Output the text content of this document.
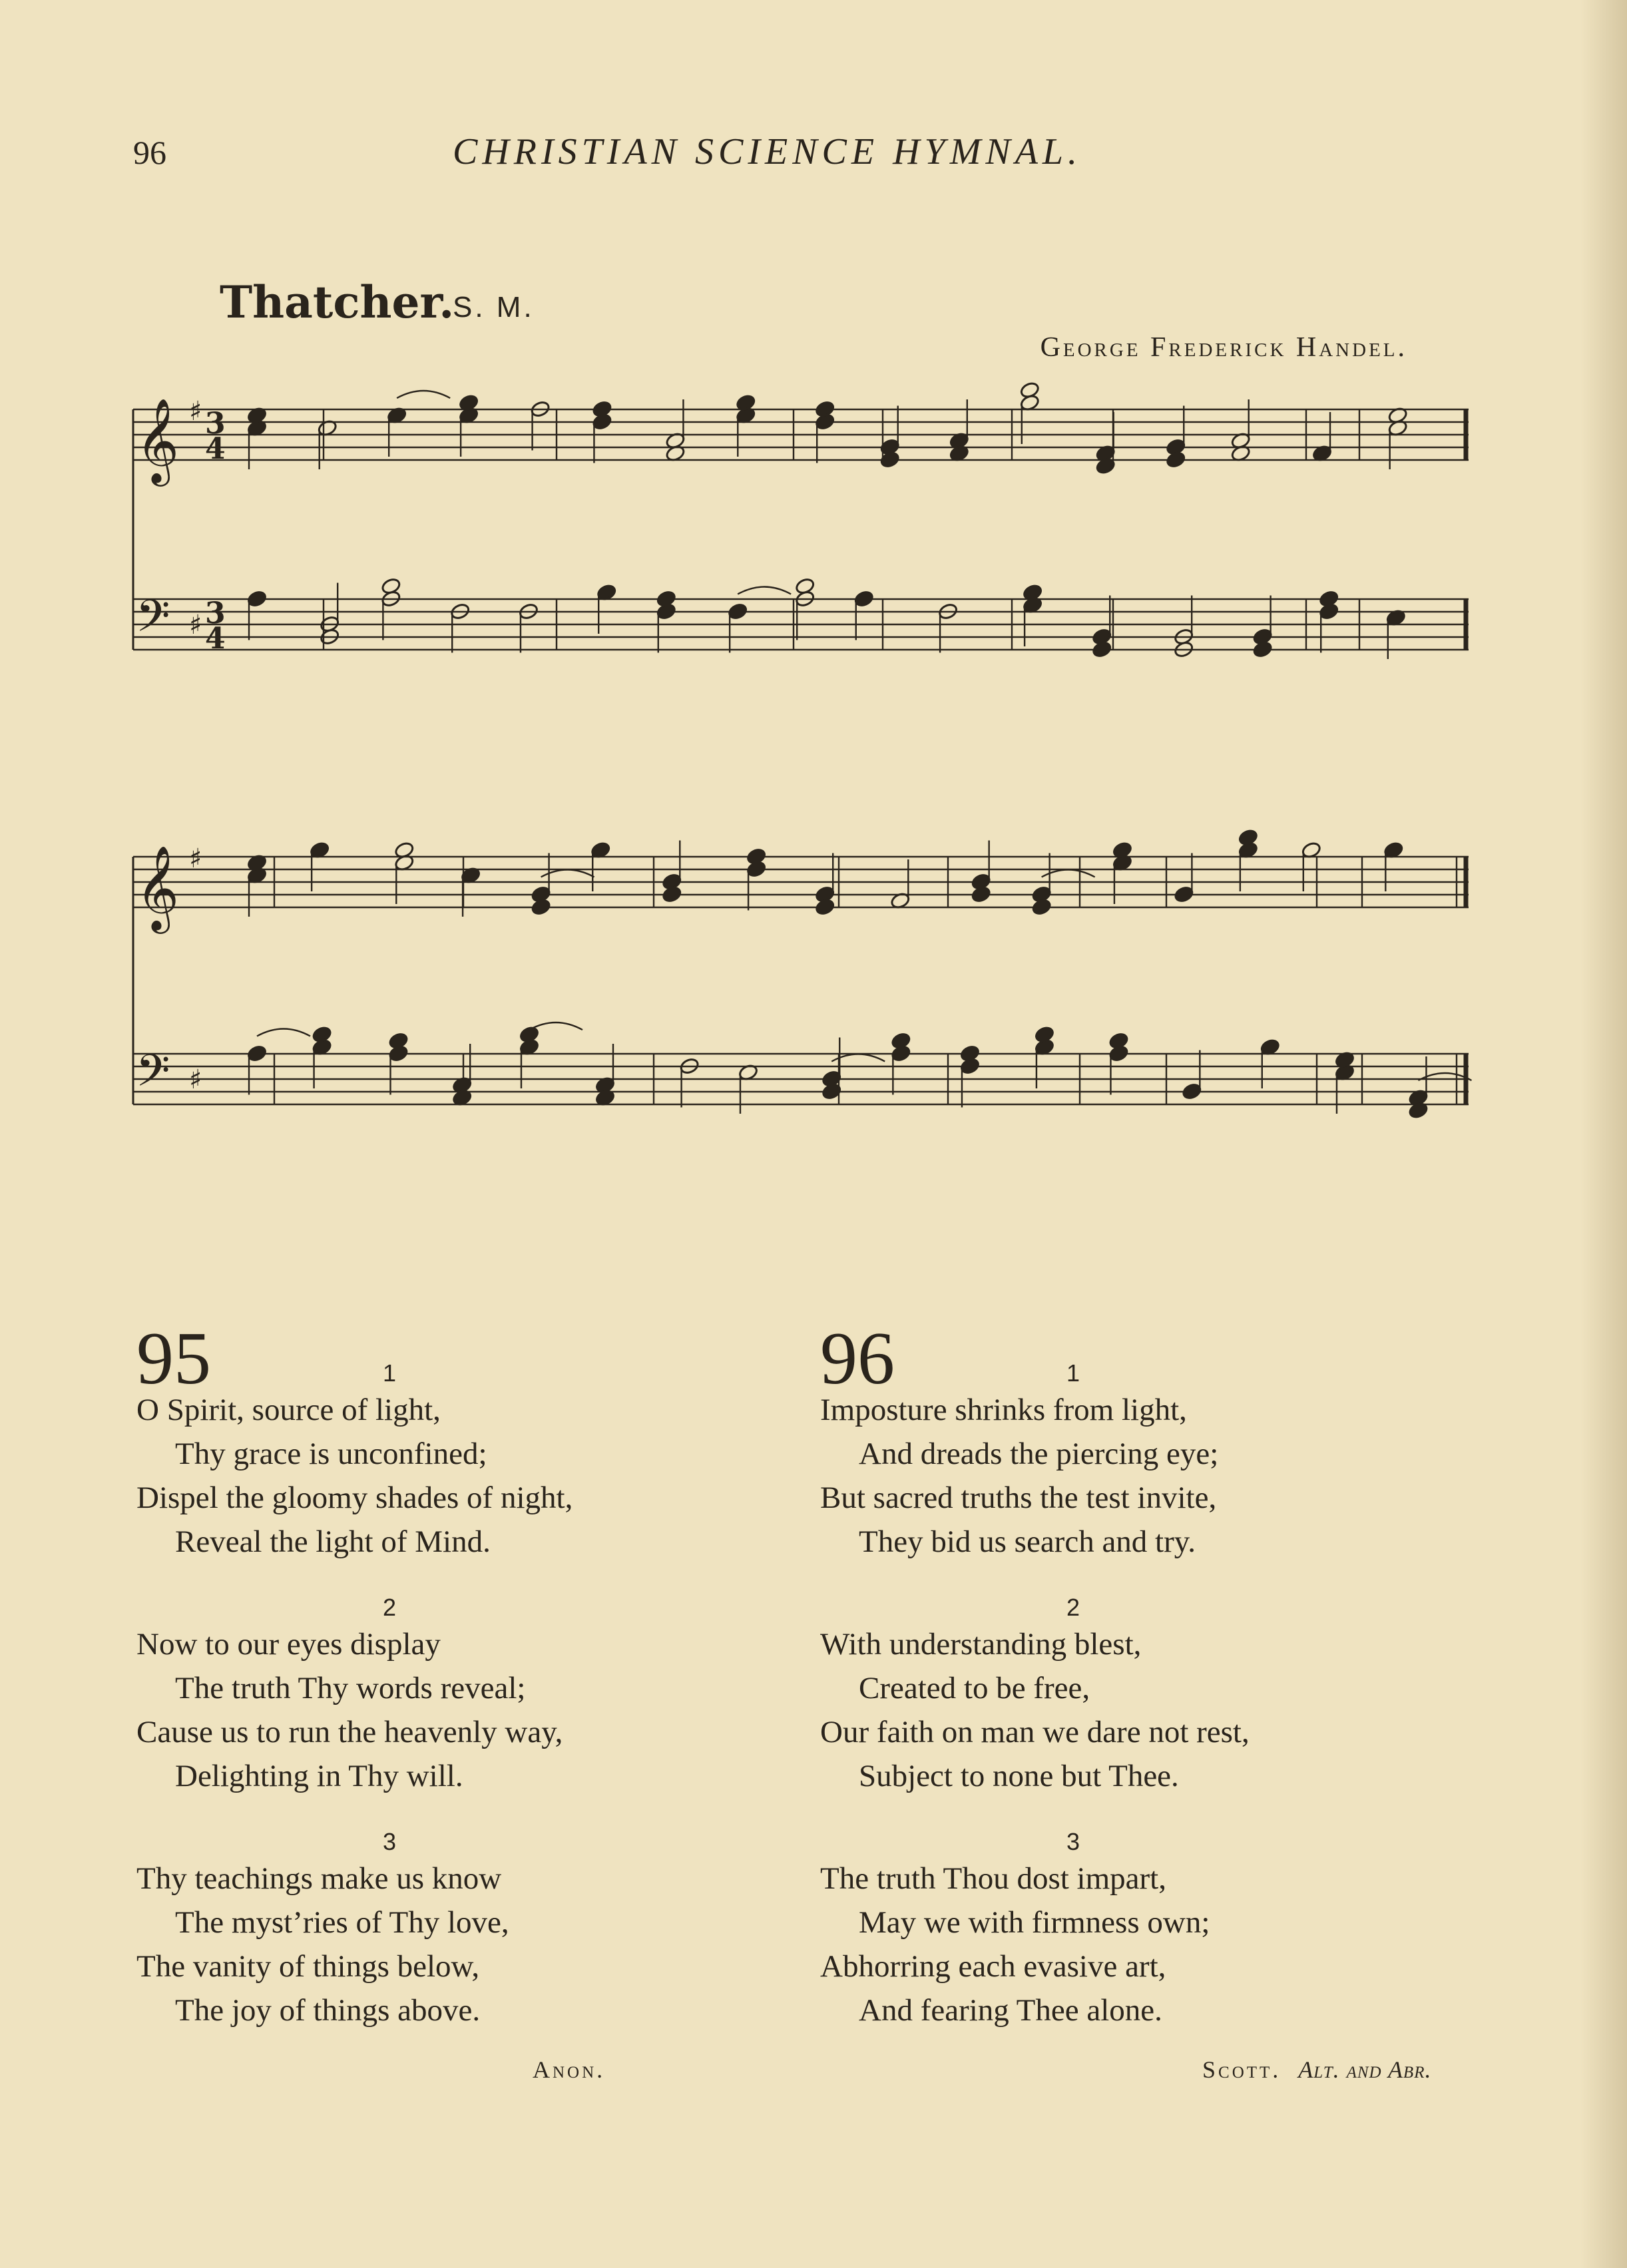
96	CHRISTIAN SCIENCE HYMNAL.
Thatcher.
S. M.
George Frederick Handel.
𝄞 ♯ 3
4
𝄢 ♯ 3
4
𝄞 ♯
𝄢 ♯
95	1
O Spirit, source of light,
Thy grace is unconfined;
Dispel the gloomy shades of night,
Reveal the light of Mind.
2
Now to our eyes display
The truth Thy words reveal;
Cause us to run the heavenly way,
Delighting in Thy will.
3
Thy teachings make us know
The myst’ries of Thy love,
The vanity of things below,
The joy of things above.
96	1
Imposture shrinks from light,
And dreads the piercing eye;
But sacred truths the test invite,
They bid us search and try.
2
With understanding blest,
Created to be free,
Our faith on man we dare not rest,
Subject to none but Thee.
3
The truth Thou dost impart,
May we with firmness own;
Abhorring each evasive art,
And fearing Thee alone.
Anon.	Scott. Alt. and Abr.
